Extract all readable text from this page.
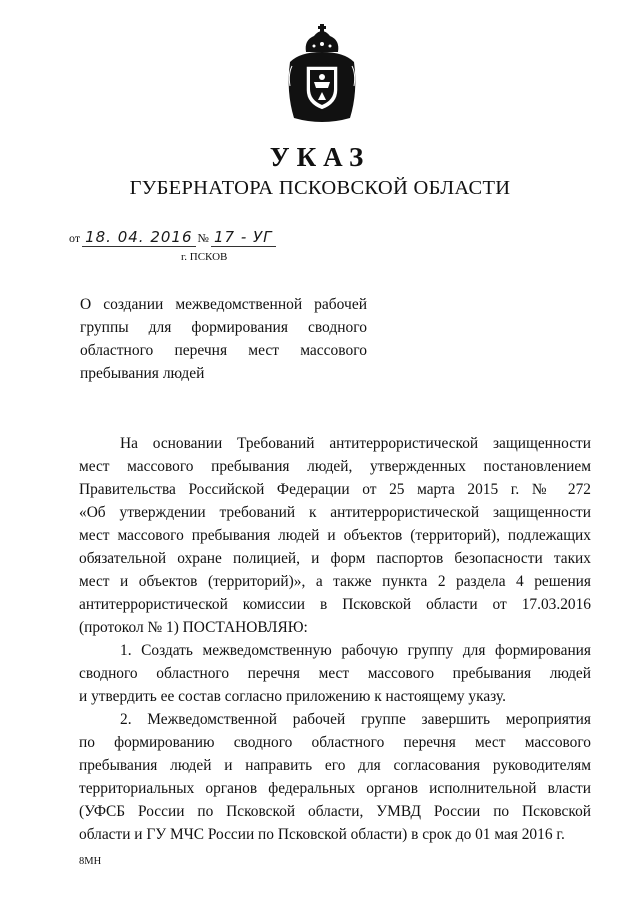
УКАЗ
ГУБЕРНАТОРА ПСКОВСКОЙ ОБЛАСТИ
от 18. 04. 2016 № 17 - УГ
г. ПСКОВ
О создании межведомственной рабочей
группы для формирования сводного
областного перечня мест массового
пребывания людей
На основании Требований антитеррористической защищенности
мест массового пребывания людей, утвержденных постановлением
Правительства Российской Федерации от 25 марта 2015 г. № 272
«Об утверждении требований к антитеррористической защищенности
мест массового пребывания людей и объектов (территорий), подлежащих
обязательной охране полицией, и форм паспортов безопасности таких
мест и объектов (территорий)», а также пункта 2 раздела 4 решения
антитеррористической комиссии в Псковской области от 17.03.2016
(протокол № 1) ПОСТАНОВЛЯЮ:
1. Создать межведомственную рабочую группу для формирования
сводного областного перечня мест массового пребывания людей
и утвердить ее состав согласно приложению к настоящему указу.
2. Межведомственной рабочей группе завершить мероприятия
по формированию сводного областного перечня мест массового
пребывания людей и направить его для согласования руководителям
территориальных органов федеральных органов исполнительной власти
(УФСБ России по Псковской области, УМВД России по Псковской
области и ГУ МЧС России по Псковской области) в срок до 01 мая 2016 г.
8МН
